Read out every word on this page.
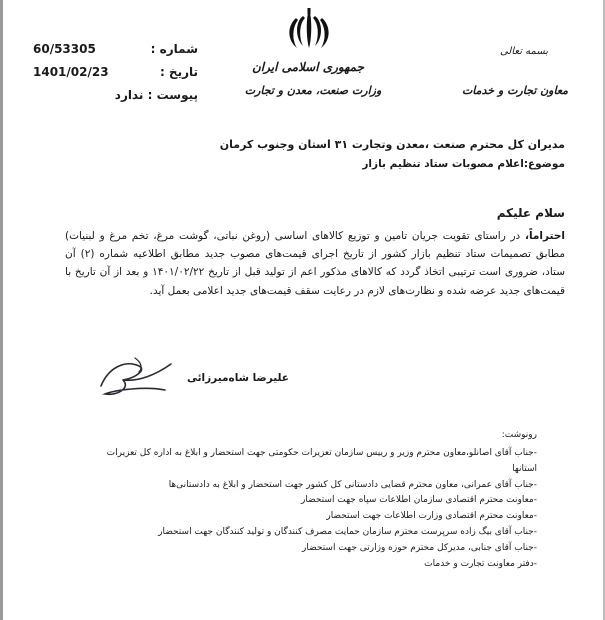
جمهوری اسلامی ایران
وزارت صنعت، معدن و تجارت
بسمه تعالی
معاون تجارت و خدمات
60/53305	شماره :
1401/02/23	تاریخ :
پیوست : ندارد
مدیران کل محترم صنعت ،معدن وتجارت ۳۱ استان وجنوب کرمان
موضوع:اعلام مصوبات ستاد تنظیم بازار
سلام علیکم
احتراماً، در راستای تقویت جریان تامین و توزیع کالاهای اساسی (روغن نباتی، گوشت مرغ، تخم مرغ و لبنیات) مطابق تصمیمات ستاد تنظیم بازار کشور از تاریخ اجرای قیمت‌های مصوب جدید مطابق اطلاعیه شماره (۲) آن ستاد، ضروری است ترتیبی اتخاذ گردد که کالاهای مذکور اعم از تولید قبل از تاریخ ۱۴۰۱/۰۲/۲۲ و بعد از آن تاریخ با قیمت‌های جدید عرضه شده و نظارت‌های لازم در رعایت سقف قیمت‌های جدید اعلامی بعمل آید.
علیرضا شاه‌میرزائی
رونوشت:
-جناب آقای اصانلو،معاون محترم وزیر و رییس سازمان تعزیرات حکومتی جهت استحضار و ابلاغ به اداره کل تعزیرات استانها
-جناب آقای عمرانی، معاون محترم قضایی دادستانی کل کشور جهت استحضار و ابلاغ به دادستانی‌ها
-معاونت محترم اقتصادی سازمان اطلاعات سپاه جهت استحضار
-معاونت محترم اقتصادی وزارت اطلاعات جهت استحضار
-جناب آقای بیگ زاده سرپرست محترم سازمان حمایت مصرف کنندگان و تولید کنندگان جهت استحضار
-جناب آقای جنابی، مدیرکل محترم حوزه وزارتی جهت استحضار
-دفتر معاونت تجارت و خدمات
